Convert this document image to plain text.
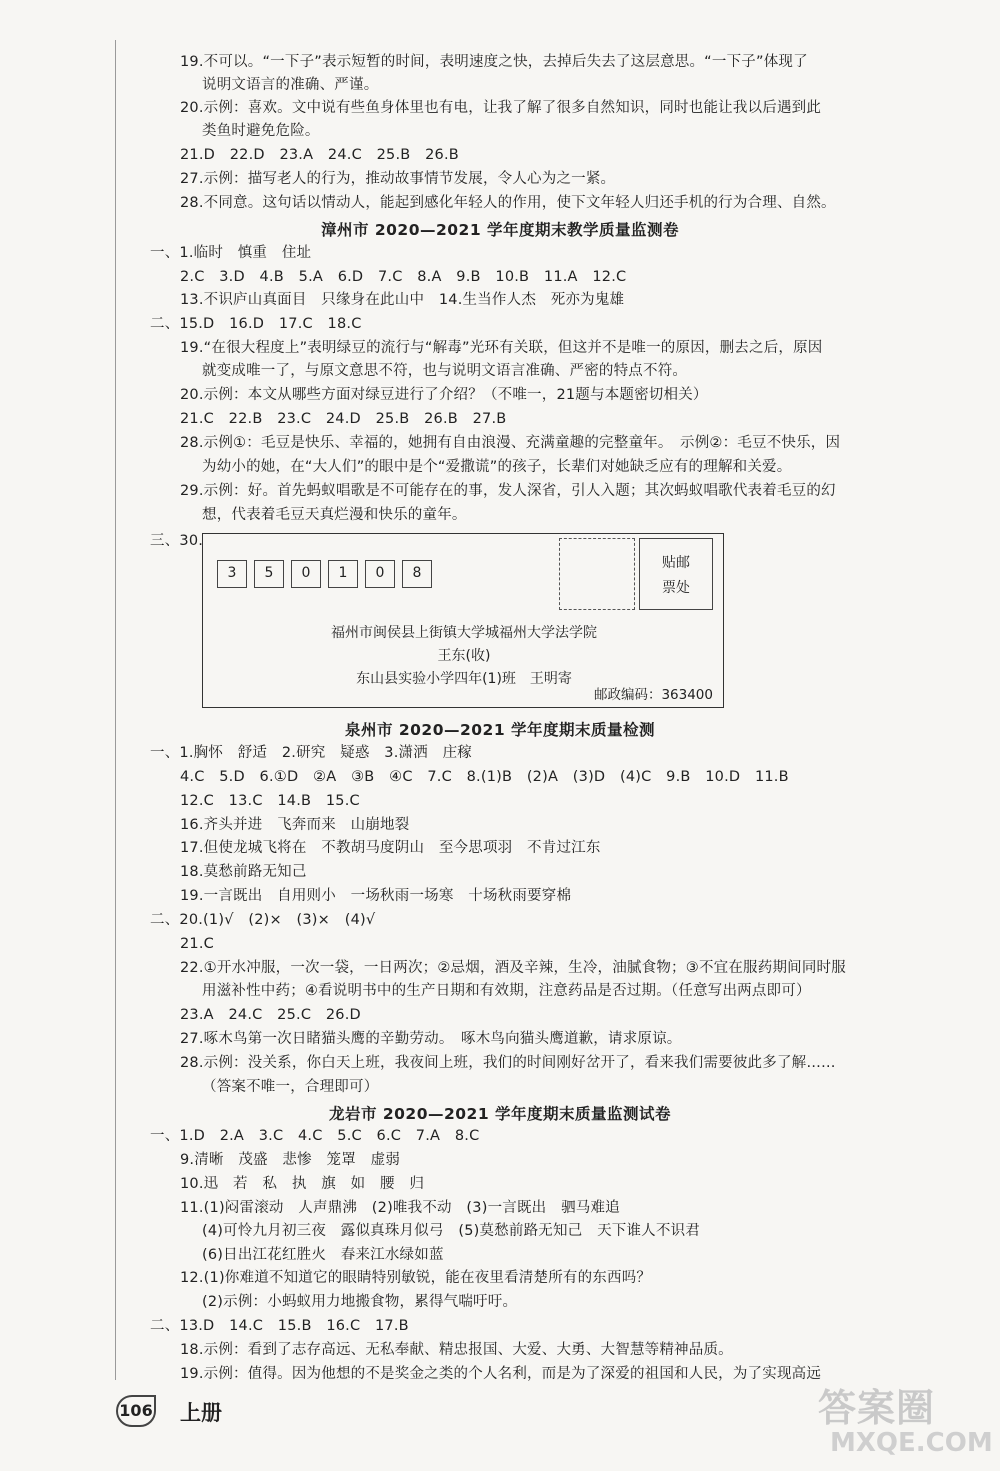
19.不可以。“一下子”表示短暂的时间，表明速度之快，去掉后失去了这层意思。“一下子”体现了
说明文语言的准确、严谨。
20.示例：喜欢。文中说有些鱼身体里也有电，让我了解了很多自然知识，同时也能让我以后遇到此
类鱼时避免危险。
21.D　22.D　23.A　24.C　25.B　26.B
27.示例：描写老人的行为，推动故事情节发展，令人心为之一紧。
28.不同意。这句话以情动人，能起到感化年轻人的作用，使下文年轻人归还手机的行为合理、自然。
漳州市 2020—2021 学年度期末教学质量监测卷
一、1.临时　慎重　住址
2.C　3.D　4.B　5.A　6.D　7.C　8.A　9.B　10.B　11.A　12.C
13.不识庐山真面目　只缘身在此山中　14.生当作人杰　死亦为鬼雄
二、15.D　16.D　17.C　18.C
19.“在很大程度上”表明绿豆的流行与“解毒”光环有关联，但这并不是唯一的原因，删去之后，原因
就变成唯一了，与原文意思不符，也与说明文语言准确、严密的特点不符。
20.示例：本文从哪些方面对绿豆进行了介绍？（不唯一，21题与本题密切相关）
21.C　22.B　23.C　24.D　25.B　26.B　27.B
28.示例①：毛豆是快乐、幸福的，她拥有自由浪漫、充满童趣的完整童年。　示例②：毛豆不快乐，因
为幼小的她，在“大人们”的眼中是个“爱撒谎”的孩子，长辈们对她缺乏应有的理解和关爱。
29.示例：好。首先蚂蚁唱歌是不可能存在的事，发人深省，引人入题；其次蚂蚁唱歌代表着毛豆的幻
想，代表着毛豆天真烂漫和快乐的童年。
三、30.
3	5	0	1	0	8
贴邮
票处
福州市闽侯县上街镇大学城福州大学法学院
王东(收)
东山县实验小学四年(1)班　王明寄
邮政编码：363400
泉州市 2020—2021 学年度期末质量检测
一、1.胸怀　舒适　2.研究　疑惑　3.潇洒　庄稼
4.C　5.D　6.①D　②A　③B　④C　7.C　8.(1)B　(2)A　(3)D　(4)C　9.B　10.D　11.B
12.C　13.C　14.B　15.C
16.齐头并进　飞奔而来　山崩地裂
17.但使龙城飞将在　不教胡马度阴山　至今思项羽　不肯过江东
18.莫愁前路无知己
19.一言既出　自用则小　一场秋雨一场寒　十场秋雨要穿棉
二、20.(1)√　(2)×　(3)×　(4)√
21.C
22.①开水冲服，一次一袋，一日两次；②忌烟，酒及辛辣，生冷，油腻食物；③不宜在服药期间同时服
用滋补性中药；④看说明书中的生产日期和有效期，注意药品是否过期。（任意写出两点即可）
23.A　24.C　25.C　26.D
27.啄木鸟第一次日睹猫头鹰的辛勤劳动。　啄木鸟向猫头鹰道歉，请求原谅。
28.示例：没关系，你白天上班，我夜间上班，我们的时间刚好岔开了，看来我们需要彼此多了解……
（答案不唯一，合理即可）
龙岩市 2020—2021 学年度期末质量监测试卷
一、1.D　2.A　3.C　4.C　5.C　6.C　7.A　8.C
9.清晰　茂盛　悲惨　笼罩　虚弱
10.迅　若　私　执　旗　如　腰　归
11.(1)闷雷滚动　人声鼎沸　(2)唯我不动　(3)一言既出　驷马难追
(4)可怜九月初三夜　露似真珠月似弓　(5)莫愁前路无知己　天下谁人不识君
(6)日出江花红胜火　春来江水绿如蓝
12.(1)你难道不知道它的眼睛特别敏锐，能在夜里看清楚所有的东西吗？
(2)示例：小蚂蚁用力地搬食物，累得气喘吁吁。
二、13.D　14.C　15.B　16.C　17.B
18.示例：看到了志存高远、无私奉献、精忠报国、大爱、大勇、大智慧等精神品质。
19.示例：值得。因为他想的不是奖金之类的个人名利，而是为了深爱的祖国和人民，为了实现高远
106 上册	答案圈
MXQE.COM
